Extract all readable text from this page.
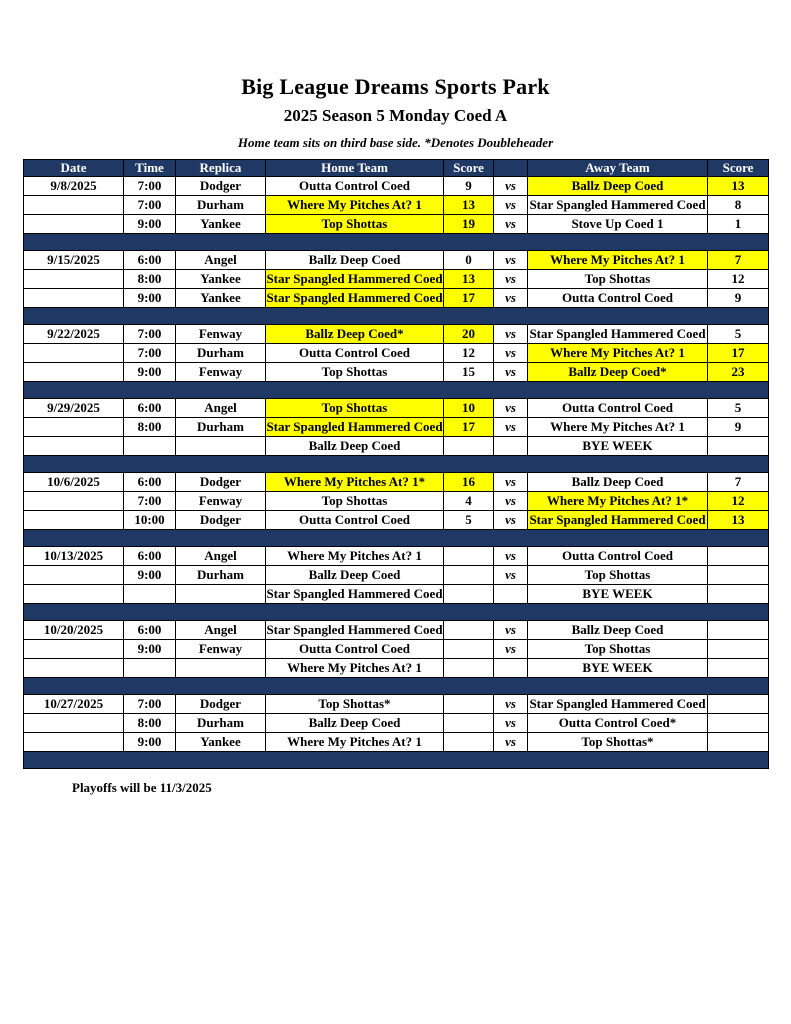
Big League Dreams Sports Park
2025 Season 5 Monday Coed A
Home team sits on third base side. *Denotes Doubleheader
Date	Time	Replica	Home Team	Score		Away Team	Score
9/8/2025	7:00	Dodger	Outta Control Coed	9	vs	Ballz Deep Coed	13
	7:00	Durham	Where My Pitches At? 1	13	vs	Star Spangled Hammered Coed	8
	9:00	Yankee	Top Shottas	19	vs	Stove Up Coed 1	1

9/15/2025	6:00	Angel	Ballz Deep Coed	0	vs	Where My Pitches At? 1	7
	8:00	Yankee	Star Spangled Hammered Coed	13	vs	Top Shottas	12
	9:00	Yankee	Star Spangled Hammered Coed	17	vs	Outta Control Coed	9

9/22/2025	7:00	Fenway	Ballz Deep Coed*	20	vs	Star Spangled Hammered Coed	5
	7:00	Durham	Outta Control Coed	12	vs	Where My Pitches At? 1	17
	9:00	Fenway	Top Shottas	15	vs	Ballz Deep Coed*	23

9/29/2025	6:00	Angel	Top Shottas	10	vs	Outta Control Coed	5
	8:00	Durham	Star Spangled Hammered Coed	17	vs	Where My Pitches At? 1	9
			Ballz Deep Coed			BYE WEEK	

10/6/2025	6:00	Dodger	Where My Pitches At? 1*	16	vs	Ballz Deep Coed	7
	7:00	Fenway	Top Shottas	4	vs	Where My Pitches At? 1*	12
	10:00	Dodger	Outta Control Coed	5	vs	Star Spangled Hammered Coed	13

10/13/2025	6:00	Angel	Where My Pitches At? 1		vs	Outta Control Coed	

	9:00	Durham	Ballz Deep Coed		vs	Top Shottas	

			Star Spangled Hammered Coed			BYE WEEK	

10/20/2025	6:00	Angel	Star Spangled Hammered Coed		vs	Ballz Deep Coed	

	9:00	Fenway	Outta Control Coed		vs	Top Shottas	

			Where My Pitches At? 1			BYE WEEK	

10/27/2025	7:00	Dodger	Top Shottas*		vs	Star Spangled Hammered Coed	

	8:00	Durham	Ballz Deep Coed		vs	Outta Control Coed*	

	9:00	Yankee	Where My Pitches At? 1		vs	Top Shottas*	

Playoffs will be 11/3/2025
